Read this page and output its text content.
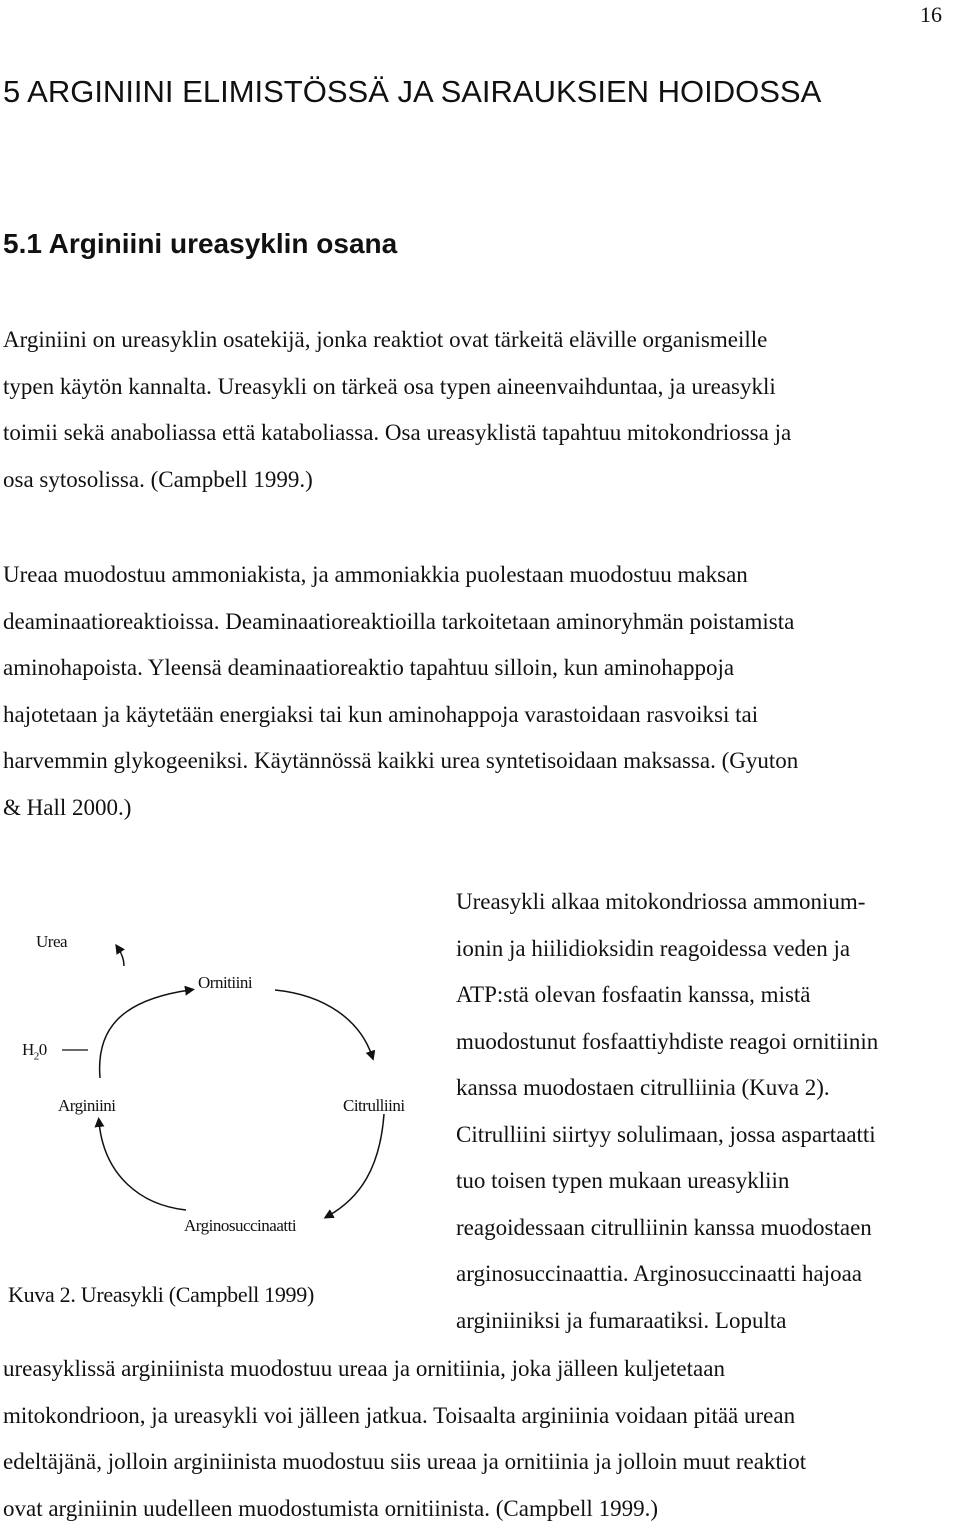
16
5 ARGINIINI ELIMISTÖSSÄ JA SAIRAUKSIEN HOIDOSSA
5.1 Arginiini ureasyklin osana
Arginiini on ureasyklin osatekijä, jonka reaktiot ovat tärkeitä eläville organismeille
typen käytön kannalta. Ureasykli on tärkeä osa typen aineenvaihduntaa, ja ureasykli
toimii sekä anaboliassa että kataboliassa. Osa ureasyklistä tapahtuu mitokondriossa ja
osa sytosolissa. (Campbell 1999.)
Ureaa muodostuu ammoniakista, ja ammoniakkia puolestaan muodostuu maksan
deaminaatioreaktioissa. Deaminaatioreaktioilla tarkoitetaan aminoryhmän poistamista
aminohapoista. Yleensä deaminaatioreaktio tapahtuu silloin, kun aminohappoja
hajotetaan ja käytetään energiaksi tai kun aminohappoja varastoidaan rasvoiksi tai
harvemmin glykogeeniksi. Käytännössä kaikki urea syntetisoidaan maksassa. (Gyuton
& Hall 2000.)
Ureasykli alkaa mitokondriossa ammonium-
ionin ja hiilidioksidin reagoidessa veden ja
ATP:stä olevan fosfaatin kanssa, mistä
muodostunut fosfaattiyhdiste reagoi ornitiinin
kanssa muodostaen citrulliinia (Kuva 2).
Citrulliini siirtyy solulimaan, jossa aspartaatti
tuo toisen typen mukaan ureasykliin
reagoidessaan citrulliinin kanssa muodostaen
arginosuccinaattia. Arginosuccinaatti hajoaa
arginiiniksi ja fumaraatiksi. Lopulta
Urea
$H_20$
Ornitiini
Arginiini	Citrulliini
Arginosuccinaatti
Kuva 2. Ureasykli (Campbell 1999)
ureasyklissä arginiinista muodostuu ureaa ja ornitiinia, joka jälleen kuljetetaan
mitokondrioon, ja ureasykli voi jälleen jatkua. Toisaalta arginiinia voidaan pitää urean
edeltäjänä, jolloin arginiinista muodostuu siis ureaa ja ornitiinia ja jolloin muut reaktiot
ovat arginiinin uudelleen muodostumista ornitiinista. (Campbell 1999.)
